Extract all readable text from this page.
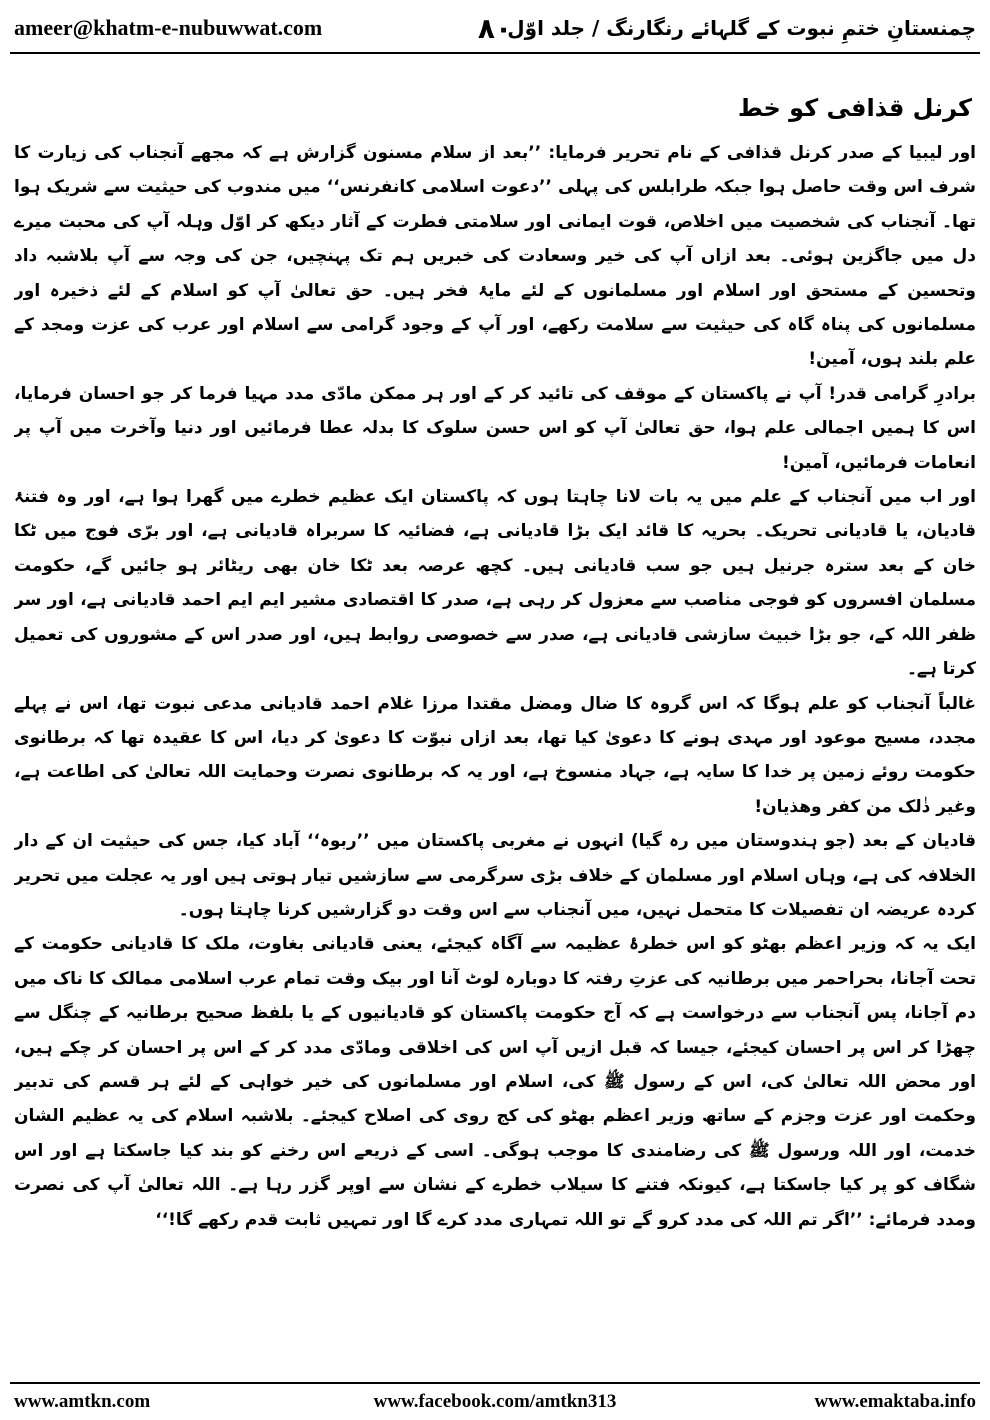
ameer@khatm-e-nubuwwat.com	۸۰
چمنستانِ ختمِ نبوت کے گلہائے رنگارنگ / جلد اوّل
کرنل قذافی کو خط

اور لیبیا کے صدر کرنل قذافی کے نام تحریر فرمایا: ’’بعد از سلام مسنون گزارش ہے کہ مجھے آنجناب کی زیارت کا شرف اس وقت حاصل ہوا جبکہ طرابلس کی پہلی ’’دعوت اسلامی کانفرنس‘‘ میں مندوب کی حیثیت سے شریک ہوا تھا۔ آنجناب کی شخصیت میں اخلاص، قوت ایمانی اور سلامتی فطرت کے آثار دیکھ کر اوّل وہلہ آپ کی محبت میرے دل میں جاگزین ہوئی۔ بعد ازاں آپ کی خیر وسعادت کی خبریں ہم تک پہنچیں، جن کی وجہ سے آپ بلاشبہ داد وتحسین کے مستحق اور اسلام اور مسلمانوں کے لئے مایۂ فخر ہیں۔ حق تعالیٰ آپ کو اسلام کے لئے ذخیرہ اور مسلمانوں کی پناہ گاہ کی حیثیت سے سلامت رکھے، اور آپ کے وجود گرامی سے اسلام اور عرب کی عزت ومجد کے علم بلند ہوں، آمین!

برادرِ گرامی قدر! آپ نے پاکستان کے موقف کی تائید کر کے اور ہر ممکن مادّی مدد مہیا فرما کر جو احسان فرمایا، اس کا ہمیں اجمالی علم ہوا، حق تعالیٰ آپ کو اس حسن سلوک کا بدلہ عطا فرمائیں اور دنیا وآخرت میں آپ پر انعامات فرمائیں، آمین!

اور اب میں آنجناب کے علم میں یہ بات لانا چاہتا ہوں کہ پاکستان ایک عظیم خطرے میں گھرا ہوا ہے، اور وہ فتنۂ قادیان، یا قادیانی تحریک۔ بحریہ کا قائد ایک بڑا قادیانی ہے، فضائیہ کا سربراہ قادیانی ہے، اور برّی فوج میں ٹکا خان کے بعد سترہ جرنیل ہیں جو سب قادیانی ہیں۔ کچھ عرصہ بعد ٹکا خان بھی ریٹائر ہو جائیں گے، حکومت مسلمان افسروں کو فوجی مناصب سے معزول کر رہی ہے، صدر کا اقتصادی مشیر ایم ایم احمد قادیانی ہے، اور سر ظفر اللہ کے، جو بڑا خبیث سازشی قادیانی ہے، صدر سے خصوصی روابط ہیں، اور صدر اس کے مشوروں کی تعمیل کرتا ہے۔

غالباً آنجناب کو علم ہوگا کہ اس گروہ کا ضال ومضل مقتدا مرزا غلام احمد قادیانی مدعی نبوت تھا، اس نے پہلے مجدد، مسیح موعود اور مہدی ہونے کا دعویٰ کیا تھا، بعد ازاں نبوّت کا دعویٰ کر دیا، اس کا عقیدہ تھا کہ برطانوی حکومت روئے زمین پر خدا کا سایہ ہے، جہاد منسوخ ہے، اور یہ کہ برطانوی نصرت وحمایت اللہ تعالیٰ کی اطاعت ہے، وغیر ذٰلک من کفر وھذیان!

قادیان کے بعد (جو ہندوستان میں رہ گیا) انہوں نے مغربی پاکستان میں ’’ربوہ‘‘ آباد کیا، جس کی حیثیت ان کے دار الخلافہ کی ہے، وہاں اسلام اور مسلمان کے خلاف بڑی سرگرمی سے سازشیں تیار ہوتی ہیں اور یہ عجلت میں تحریر کردہ عریضہ ان تفصیلات کا متحمل نہیں، میں آنجناب سے اس وقت دو گزارشیں کرنا چاہتا ہوں۔

ایک یہ کہ وزیر اعظم بھٹو کو اس خطرۂ عظیمہ سے آگاہ کیجئے، یعنی قادیانی بغاوت، ملک کا قادیانی حکومت کے تحت آجانا، بحراحمر میں برطانیہ کی عزتِ رفتہ کا دوبارہ لوٹ آنا اور بیک وقت تمام عرب اسلامی ممالک کا ناک میں دم آجانا، پس آنجناب سے درخواست ہے کہ آج حکومت پاکستان کو قادیانیوں کے یا بلفظ صحیح برطانیہ کے چنگل سے چھڑا کر اس پر احسان کیجئے، جیسا کہ قبل ازیں آپ اس کی اخلاقی ومادّی مدد کر کے اس پر احسان کر چکے ہیں، اور محض اللہ تعالیٰ کی، اس کے رسول ﷺ کی، اسلام اور مسلمانوں کی خیر خواہی کے لئے ہر قسم کی تدبیر وحکمت اور عزت وجزم کے ساتھ وزیر اعظم بھٹو کی کج روی کی اصلاح کیجئے۔ بلاشبہ اسلام کی یہ عظیم الشان خدمت، اور اللہ ورسول ﷺ کی رضامندی کا موجب ہوگی۔ اسی کے ذریعے اس رخنے کو بند کیا جاسکتا ہے اور اس شگاف کو پر کیا جاسکتا ہے، کیونکہ فتنے کا سیلاب خطرے کے نشان سے اوپر گزر رہا ہے۔ اللہ تعالیٰ آپ کی نصرت ومدد فرمائے: ’’اگر تم اللہ کی مدد کرو گے تو اللہ تمہاری مدد کرے گا اور تمہیں ثابت قدم رکھے گا!‘‘

www.amtkn.com	www.facebook.com/amtkn313	www.emaktaba.info
